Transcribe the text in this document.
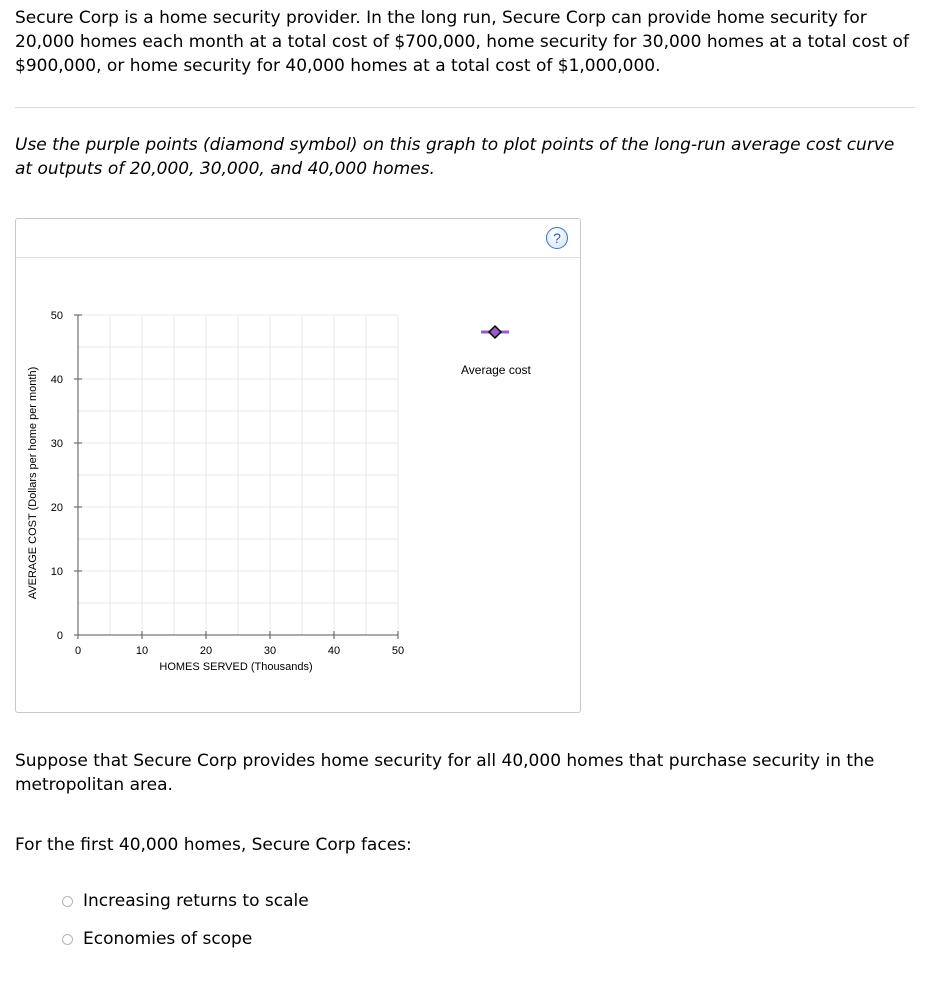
Secure Corp is a home security provider. In the long run, Secure Corp can provide home security for 20,000 homes each month at a total cost of $700,000, home security for 30,000 homes at a total cost of $900,000, or home security for 40,000 homes at a total cost of $1,000,000.

Use the purple points (diamond symbol) on this graph to plot points of the long-run average cost curve at outputs of 20,000, 30,000, and 40,000 homes.

?
0	10	20	30	40	50
0
10
20
30
40
50
HOMES SERVED (Thousands)
AVERAGE COST (Dollars per home per month)	Average cost

Suppose that Secure Corp provides home security for all 40,000 homes that purchase security in the metropolitan area.

For the first 40,000 homes, Secure Corp faces:

Increasing returns to scale
Economies of scope
